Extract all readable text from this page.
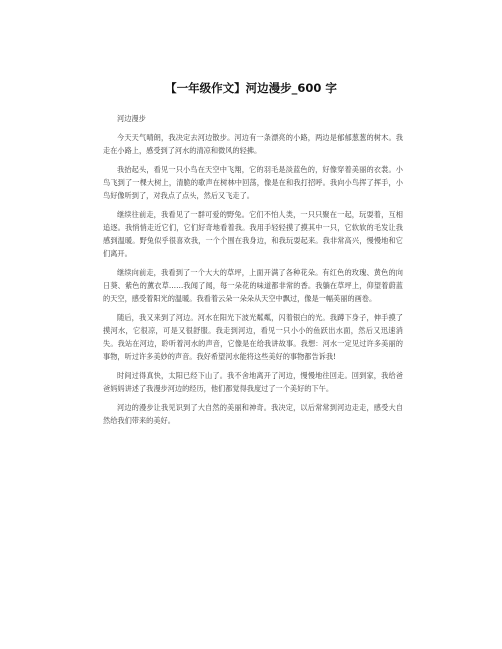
【一年级作文】河边漫步_600 字

河边漫步

今天天气晴朗，我决定去河边散步。河边有一条漂亮的小路，两边是郁郁葱葱的树木。我走在小路上，感受到了河水的清凉和微风的轻拂。

我抬起头，看见一只小鸟在天空中飞翔，它的羽毛是淡蓝色的，好像穿着美丽的衣裳。小鸟飞到了一棵大树上，清脆的歌声在树林中回荡，像是在和我打招呼。我向小鸟挥了挥手，小鸟好像听到了，对我点了点头，然后又飞走了。

继续往前走，我看见了一群可爱的野兔。它们不怕人类，一只只聚在一起，玩耍着，互相追逐。我悄悄走近它们，它们好奇地看着我。我用手轻轻摸了摸其中一只，它软软的毛发让我感到温暖。野兔似乎很喜欢我，一个个围在我身边，和我玩耍起来。我非常高兴，慢慢地和它们离开。

继续向前走，我看到了一个大大的草坪，上面开满了各种花朵。有红色的玫瑰、黄色的向日葵、紫色的薰衣草……我闻了闻，每一朵花的味道都非常的香。我躺在草坪上，仰望着蔚蓝的天空，感受着阳光的温暖。我看着云朵一朵朵从天空中飘过，像是一幅美丽的画卷。

随后，我又来到了河边。河水在阳光下波光粼粼，闪着银白的光。我蹲下身子，伸手摸了摸河水，它很凉，可是又很舒服。我走到河边，看见一只小小的鱼跃出水面，然后又迅速消失。我站在河边，聆听着河水的声音，它像是在给我讲故事。我想：河水一定见过许多美丽的事物，听过许多美妙的声音。我好希望河水能将这些美好的事物都告诉我!

时间过得真快，太阳已经下山了。我不舍地离开了河边，慢慢地往回走。回到家，我给爸爸妈妈讲述了我漫步河边的经历，他们都觉得我度过了一个美好的下午。

河边的漫步让我见识到了大自然的美丽和神奇。我决定，以后常常到河边走走，感受大自然给我们带来的美好。
